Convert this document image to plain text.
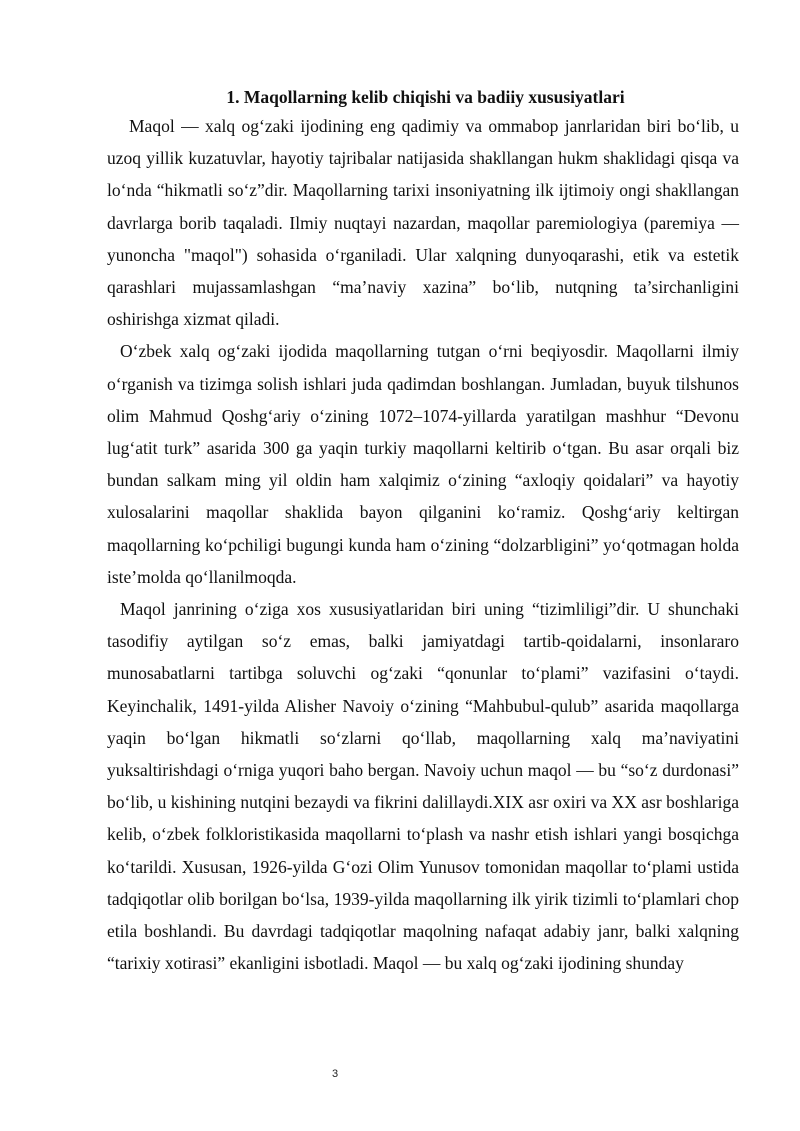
1. Maqollarning kelib chiqishi va badiiy xususiyatlari

Maqol — xalq og‘zaki ijodining eng qadimiy va ommabop janrlaridan biri bo‘lib, u uzoq yillik kuzatuvlar, hayotiy tajribalar natijasida shakllangan hukm shaklidagi qisqa va lo‘nda “hikmatli so‘z”dir. Maqollarning tarixi insoniyatning ilk ijtimoiy ongi shakllangan davrlarga borib taqaladi. Ilmiy nuqtayi nazardan, maqollar paremiologiya (paremiya — yunoncha "maqol") sohasida o‘rganiladi. Ular xalqning dunyoqarashi, etik va estetik qarashlari mujassamlashgan “ma’naviy xazina” bo‘lib, nutqning ta’sirchanligini oshirishga xizmat qiladi.

O‘zbek xalq og‘zaki ijodida maqollarning tutgan o‘rni beqiyosdir. Maqollarni ilmiy o‘rganish va tizimga solish ishlari juda qadimdan boshlangan. Jumladan, buyuk tilshunos olim Mahmud Qoshg‘ariy o‘zining 1072–1074-yillarda yaratilgan mashhur “Devonu lug‘atit turk” asarida 300 ga yaqin turkiy maqollarni keltirib o‘tgan. Bu asar orqali biz bundan salkam ming yil oldin ham xalqimiz o‘zining “axloqiy qoidalari” va hayotiy xulosalarini maqollar shaklida bayon qilganini ko‘ramiz. Qoshg‘ariy keltirgan maqollarning ko‘pchiligi bugungi kunda ham o‘zining “dolzarbligini” yo‘qotmagan holda iste’molda qo‘llanilmoqda.

Maqol janrining o‘ziga xos xususiyatlaridan biri uning “tizimliligi”dir. U shunchaki tasodifiy aytilgan so‘z emas, balki jamiyatdagi tartib-qoidalarni, insonlararo munosabatlarni tartibga soluvchi og‘zaki “qonunlar to‘plami” vazifasini o‘taydi. Keyinchalik, 1491-yilda Alisher Navoiy o‘zining “Mahbubul-qulub” asarida maqollarga yaqin bo‘lgan hikmatli so‘zlarni qo‘llab, maqollarning xalq ma’naviyatini yuksaltirishdagi o‘rniga yuqori baho bergan. Navoiy uchun maqol — bu “so‘z durdonasi” bo‘lib, u kishining nutqini bezaydi va fikrini dalillaydi.XIX asr oxiri va XX asr boshlariga kelib, o‘zbek folkloristikasida maqollarni to‘plash va nashr etish ishlari yangi bosqichga ko‘tarildi. Xususan, 1926-yilda G‘ozi Olim Yunusov tomonidan maqollar to‘plami ustida tadqiqotlar olib borilgan bo‘lsa, 1939-yilda maqollarning ilk yirik tizimli to‘plamlari chop etila boshlandi. Bu davrdagi tadqiqotlar maqolning nafaqat adabiy janr, balki xalqning “tarixiy xotirasi” ekanligini isbotladi. Maqol — bu xalq og‘zaki ijodining shunday

3
